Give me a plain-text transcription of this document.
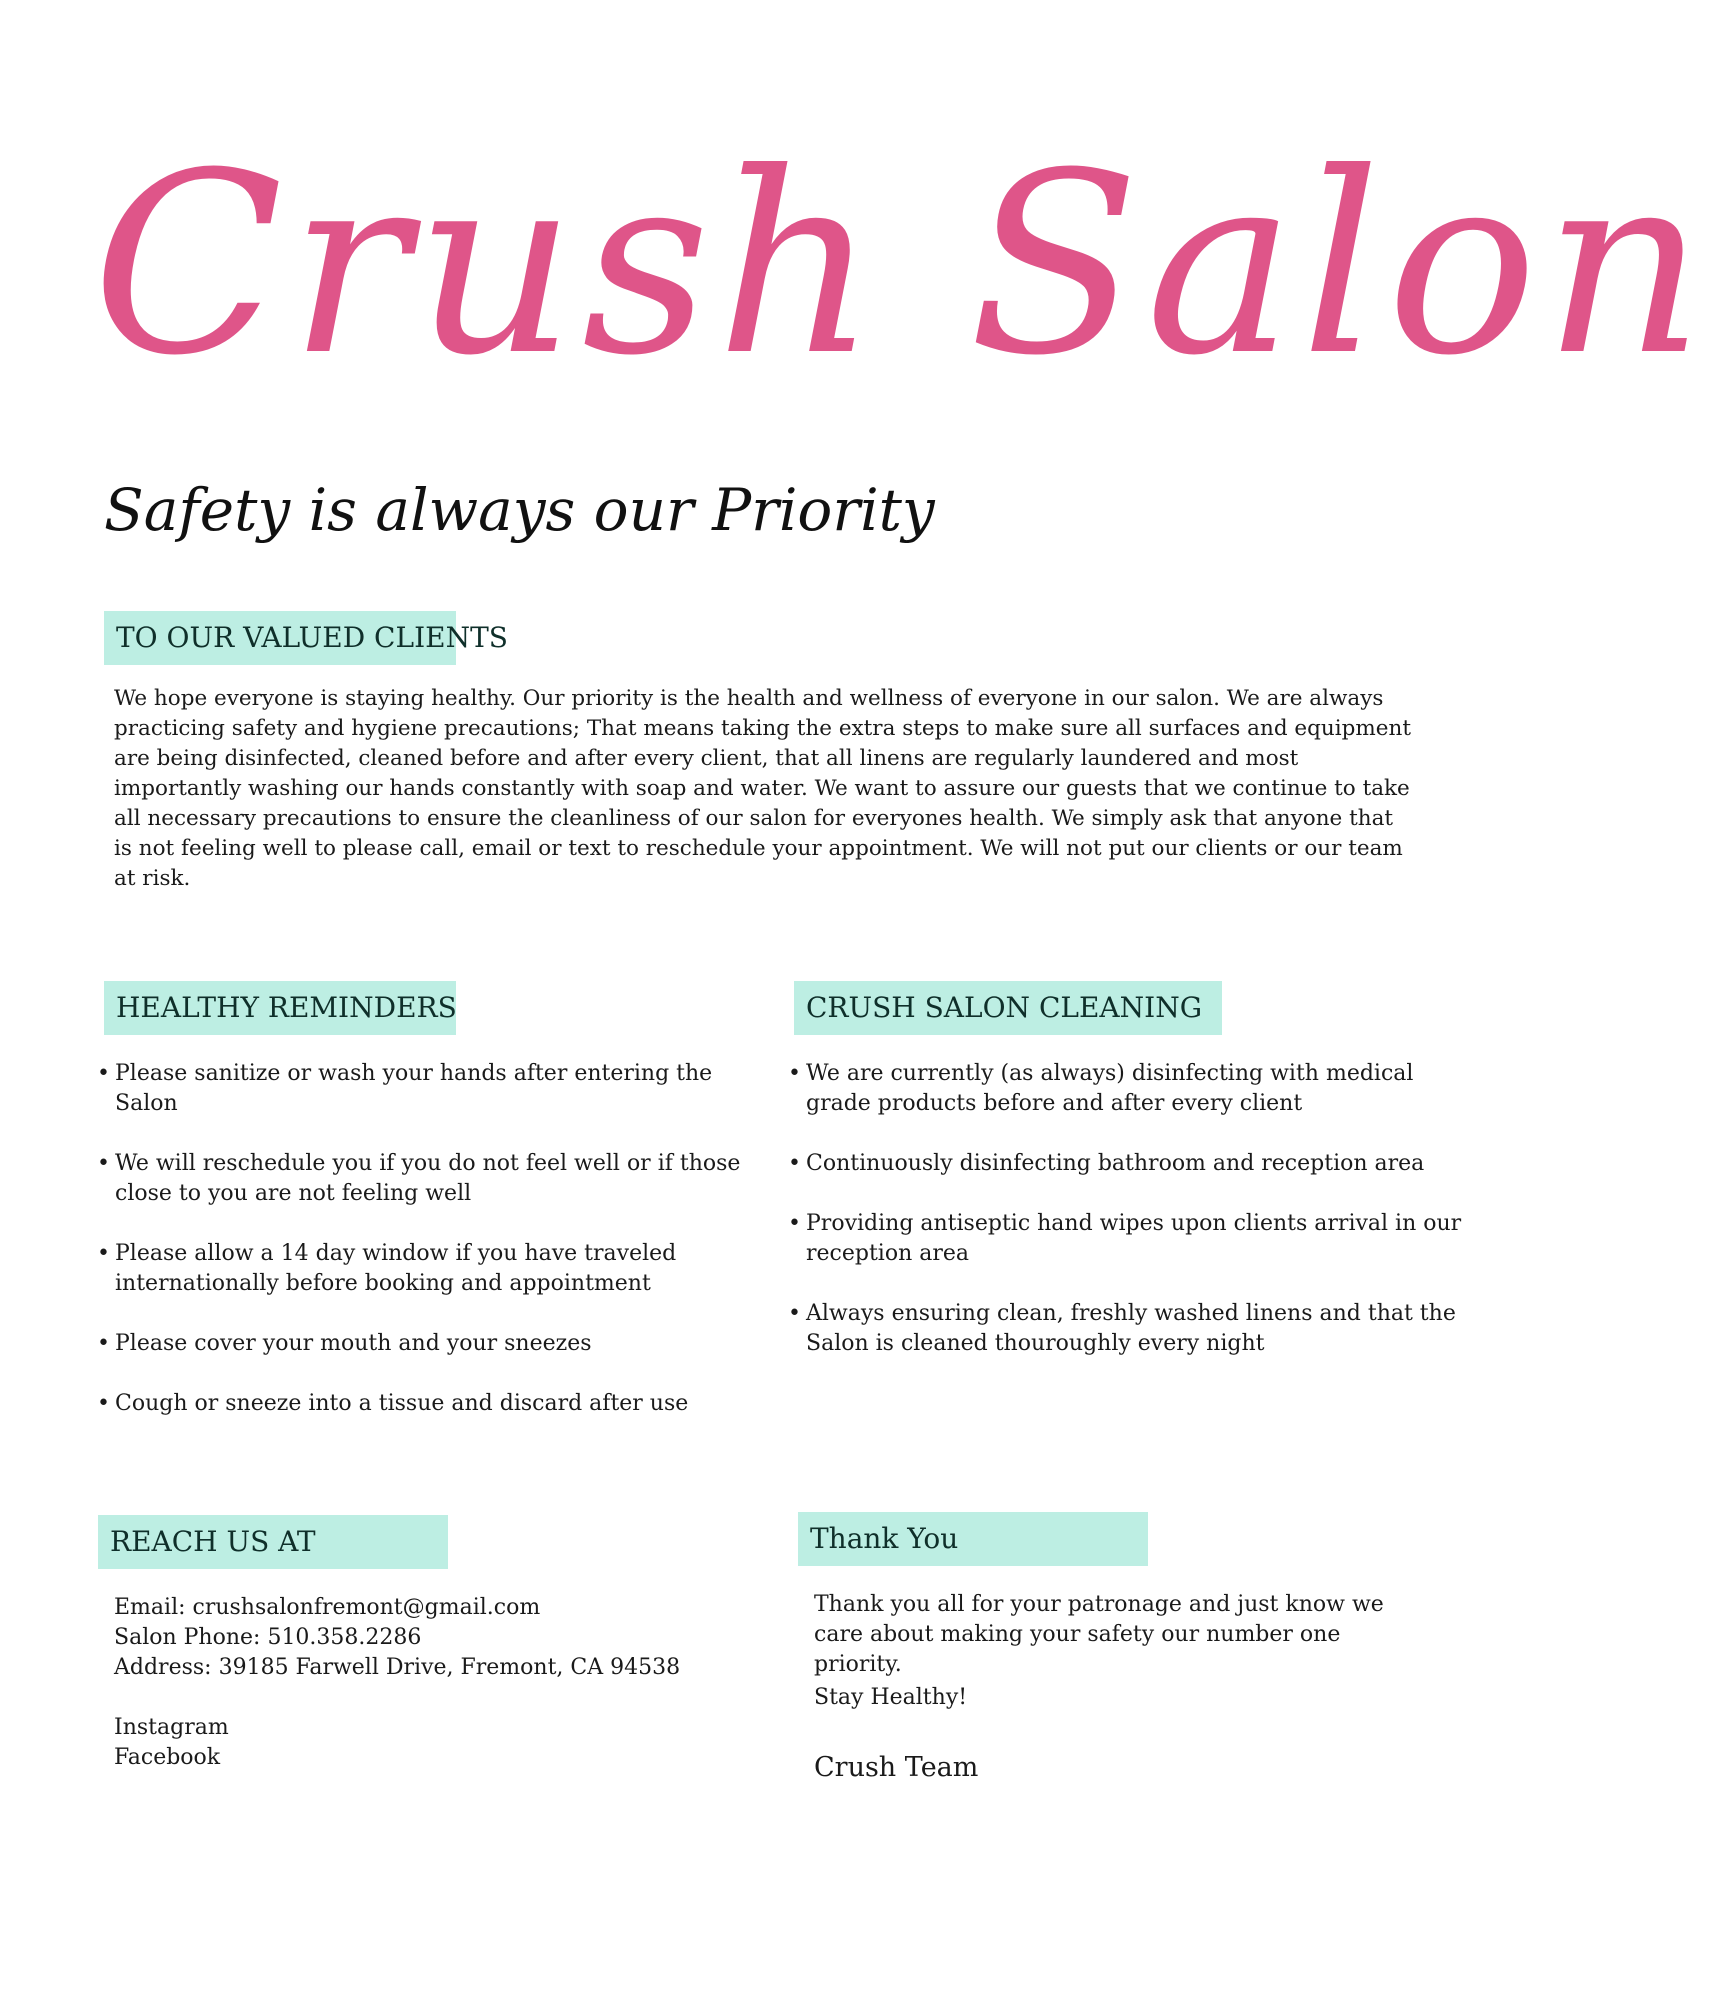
Crush Salon
Safety is always our Priority
TO OUR VALUED CLIENTS

We hope everyone is staying healthy. Our priority is the health and wellness of everyone in our salon. We are always practicing safety and hygiene precautions; That means taking the extra steps to make sure all surfaces and equipment are being disinfected, cleaned before and after every client, that all linens are regularly laundered and most importantly washing our hands constantly with soap and water. We want to assure our guests that we continue to take all necessary precautions to ensure the cleanliness of our salon for everyones health. We simply ask that anyone that is not feeling well to please call, email or text to reschedule your appointment. We will not put our clients or our team at risk.

HEALTHY REMINDERS
• Please sanitize or wash your hands after entering the Salon
• We will reschedule you if you do not feel well or if those close to you are not feeling well
• Please allow a 14 day window if you have traveled internationally before booking and appointment
• Please cover your mouth and your sneezes
• Cough or sneeze into a tissue and discard after use
CRUSH SALON CLEANING
• We are currently (as always) disinfecting with medical grade products before and after every client
• Continuously disinfecting bathroom and reception area
• Providing antiseptic hand wipes upon clients arrival in our reception area
• Always ensuring clean, freshly washed linens and that the Salon is cleaned thouroughly every night
REACH US AT
Email: crushsalonfremont@gmail.com
Salon Phone: 510.358.2286
Address: 39185 Farwell Drive, Fremont, CA 94538
Instagram
Facebook
Thank You
Thank you all for your patronage and just know we care about making your safety our number one priority.
Stay Healthy!
Crush Team
